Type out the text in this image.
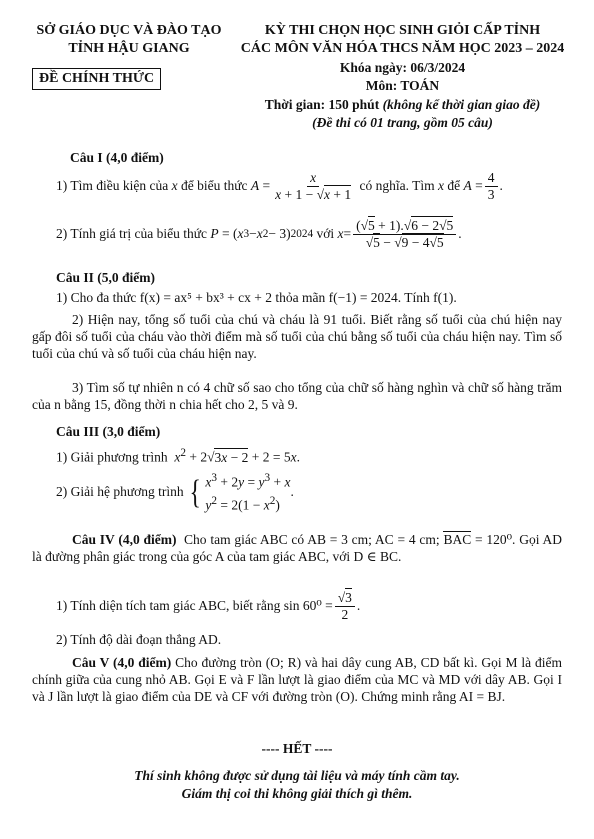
SỞ GIÁO DỤC VÀ ĐÀO TẠO
TỈNH HẬU GIANG
ĐỀ CHÍNH THỨC
KỲ THI CHỌN HỌC SINH GIỎI CẤP TỈNH
CÁC MÔN VĂN HÓA THCS NĂM HỌC 2023 – 2024
Khóa ngày: 06/3/2024
Môn: TOÁN
Thời gian: 150 phút (không kể thời gian giao đề)
(Đề thi có 01 trang, gồm 05 câu)
Câu I (4,0 điểm)
1) Tìm điều kiện của
x
để biểu thức
$A = \frac{x}{x + 1 - √x + 1}$
có nghĩa. Tìm
x
để
$A = \frac{4}{3}$ .
2) Tính giá trị của biểu thức
P = ( x 3 − x 2 − 3) 2024
với
$x = \frac{(√5 + 1).√6 - 2√5}{√5 - √9 - 4√5}$ .
Câu II (5,0 điểm)
1) Cho đa thức f(x) = ax⁵ + bx³ + cx + 2 thỏa mãn f(−1) = 2024. Tính f(1).
2) Hiện nay, tổng số tuổi của chú và cháu là 91 tuổi. Biết rằng số tuổi của chú hiện nay gấp đôi số tuổi của cháu vào thời điểm mà số tuổi của chú bằng số tuổi của cháu hiện nay. Tìm số tuổi của chú và số tuổi của cháu hiện nay.
3) Tìm số tự nhiên n có 4 chữ số sao cho tổng của chữ số hàng nghìn và chữ số hàng trăm của n bằng 15, đồng thời n chia hết cho 2, 5 và 9.
Câu III (3,0 điểm)
1) Giải phương trình $x^2 + 2√3x - 2 + 2 = 5x$.
2) Giải hệ phương trình
{ $x^3 + 2y = y^3 + x$
$y^2 = 2(1 - x^2)$
.
Câu IV (4,0 điểm) Cho tam giác ABC có AB = 3 cm; AC = 4 cm; BAC = 120⁰. Gọi AD là đường phân giác trong của góc A của tam giác ABC, với D ∈ BC.
1) Tính diện tích tam giác ABC, biết rằng $\sin 60^0 = \frac{√3}{2}$ .
2) Tính độ dài đoạn thẳng AD.
Câu V (4,0 điểm) Cho đường tròn (O; R) và hai dây cung AB, CD bất kì. Gọi M là điểm chính giữa của cung nhỏ AB. Gọi E và F lần lượt là giao điểm của MC và MD với dây AB. Gọi I và J lần lượt là giao điểm của DE và CF với đường tròn (O). Chứng minh rằng AI = BJ.
---- HẾT ----
Thí sinh không được sử dụng tài liệu và máy tính cầm tay.
Giám thị coi thi không giải thích gì thêm.
